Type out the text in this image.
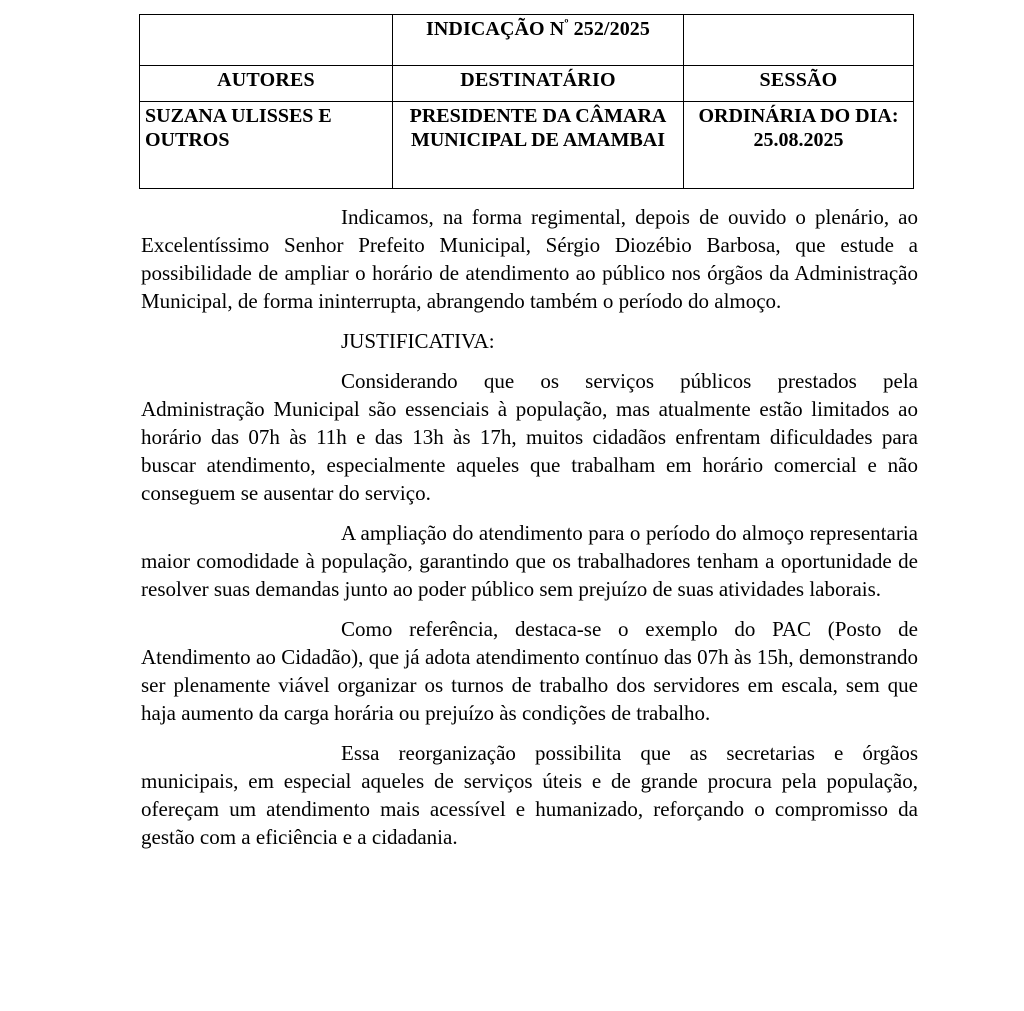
	INDICAÇÃO $N^º$ 252/2025	
AUTORES	DESTINATÁRIO	SESSÃO
SUZANA ULISSES E OUTROS	PRESIDENTE DA CÂMARA MUNICIPAL DE AMAMBAI	ORDINÁRIA DO DIA: 25.08.2025

Indicamos, na forma regimental, depois de ouvido o plenário, ao Excelentíssimo Senhor Prefeito Municipal, Sérgio Diozébio Barbosa, que estude a possibilidade de ampliar o horário de atendimento ao público nos órgãos da Administração Municipal, de forma ininterrupta, abrangendo também o período do almoço.

JUSTIFICATIVA:

Considerando que os serviços públicos prestados pela Administração Municipal são essenciais à população, mas atualmente estão limitados ao horário das 07h às 11h e das 13h às 17h, muitos cidadãos enfrentam dificuldades para buscar atendimento, especialmente aqueles que trabalham em horário comercial e não conseguem se ausentar do serviço.

A ampliação do atendimento para o período do almoço representaria maior comodidade à população, garantindo que os trabalhadores tenham a oportunidade de resolver suas demandas junto ao poder público sem prejuízo de suas atividades laborais.

Como referência, destaca-se o exemplo do PAC (Posto de Atendimento ao Cidadão), que já adota atendimento contínuo das 07h às 15h, demonstrando ser plenamente viável organizar os turnos de trabalho dos servidores em escala, sem que haja aumento da carga horária ou prejuízo às condições de trabalho.

Essa reorganização possibilita que as secretarias e órgãos municipais, em especial aqueles de serviços úteis e de grande procura pela população, ofereçam um atendimento mais acessível e humanizado, reforçando o compromisso da gestão com a eficiência e a cidadania.
